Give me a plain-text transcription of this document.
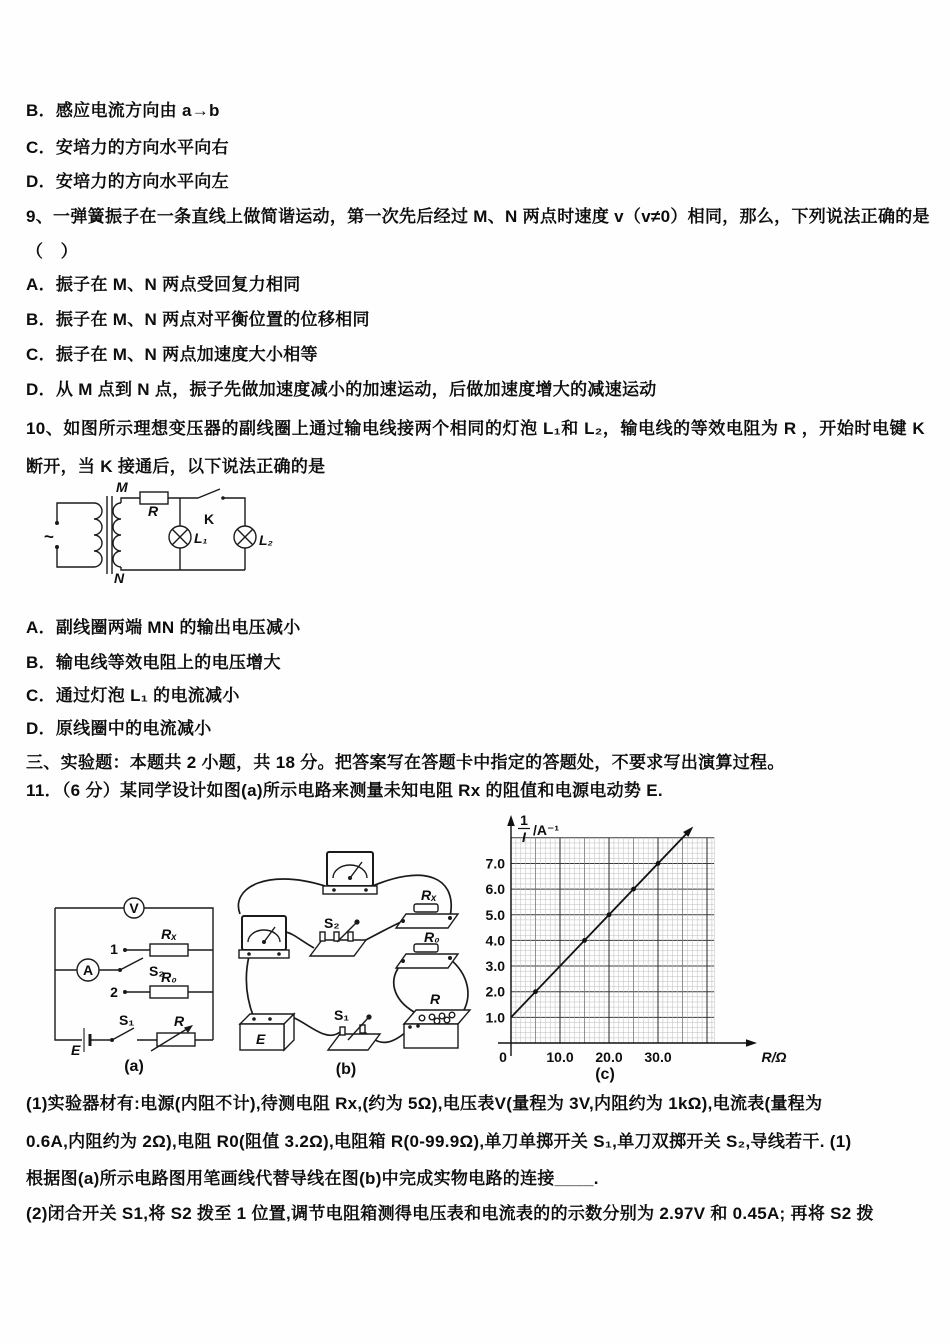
B．感应电流方向由 a→b
C．安培力的方向水平向右
D．安培力的方向水平向左
9、一弹簧振子在一条直线上做简谐运动，第一次先后经过 M、N 两点时速度 v（v≠0）相同，那么，下列说法正确的是
（　）
A．振子在 M、N 两点受回复力相同
B．振子在 M、N 两点对平衡位置的位移相同
C．振子在 M、N 两点加速度大小相等
D．从 M 点到 N 点，振子先做加速度减小的加速运动，后做加速度增大的减速运动
10、如图所示理想变压器的副线圈上通过输电线接两个相同的灯泡 L₁和 L₂，输电线的等效电阻为 R ，开始时电键 K 断开，当 K 接通后，以下说法正确的是
~
M
N
R	K
L₁	L₂
A．副线圈两端 MN 的输出电压减小
B．输电线等效电阻上的电压增大
C．通过灯泡 L₁ 的电流减小
D．原线圈中的电流减小
三、实验题：本题共 2 小题，共 18 分。把答案写在答题卡中指定的答题处，不要求写出演算过程。
11．（6 分）某同学设计如图(a)所示电路来测量未知电阻 Rx 的阻值和电源电动势 E.
V
A
1
2
Rₓ
R₀
S₂
S₁
E
R
(a)
E
S₂
S₁
Rₓ
R₀
R
(b)	(c)
1.0
2.0
3.0
4.0
5.0
6.0
7.0
0	10.0 20.0 30.0
1
I /A⁻¹
R/Ω
(1)实验器材有:电源(内阻不计),待测电阻 Rx,(约为 5Ω),电压表V(量程为 3V,内阻约为 1kΩ),电流表(量程为
0.6A,内阻约为 2Ω),电阻 R0(阻值 3.2Ω),电阻箱 R(0-99.9Ω),单刀单掷开关 S₁,单刀双掷开关 S₂,导线若干. (1)
根据图(a)所示电路图用笔画线代替导线在图(b)中完成实物电路的连接____.
(2)闭合开关 S1,将 S2 拨至 1 位置,调节电阻箱测得电压表和电流表的的示数分别为 2.97V 和 0.45A; 再将 S2 拨
